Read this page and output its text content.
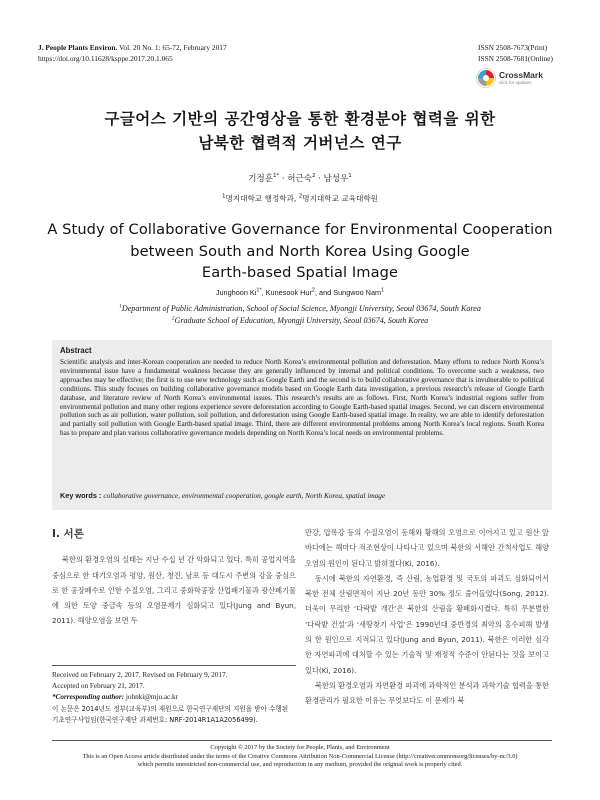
J. People Plants Environ. Vol. 20 No. 1: 65-72, February 2017
https://doi.org/10.11628/ksppe.2017.20.1.065
ISSN 2508-7673(Print)
ISSN 2508-7681(Online)
CrossMark
click for updates
구글어스 기반의 공간영상을 통한 환경분야 협력을 위한
남북한 협력적 거버넌스 연구
기정훈$^{1*}$ · 허근숙$^2$ · 남성우$^1$
$^1$명지대학교 행정학과, $^2$명지대학교 교육대학원
A Study of Collaborative Governance for Environmental Cooperation
between South and North Korea Using Google
Earth-based Spatial Image
Junghoon $Ki^{1*}$, Kunesook Hur$^2$, and Sungwoo Nam$^1$
$^1$Department of Public Administration, School of Social Science, Myongji University, Seoul 03674, South Korea
$^2$Graduate School of Education, Myongji University, Seoul 03674, South Korea
Abstract
Scientific analysis and inter-Korean cooperation are needed to reduce North Korea’s environmental pollution and deforestation. Many efforts to reduce North Korea’s environmental issue have a fundamental weakness because they are generally influenced by internal and political conditions. To overcome such a weakness, two approaches may be effective; the first is to use new technology such as Google Earth and the second is to build collaborative governance that is invulnerable to political conditions. This study focuses on building collaborative governance models based on Google Earth data investigation, a previous research’s release of Google Earth database, and literature review of North Korea’s environmental issues. This research’s results are as follows. First, North Korea’s industrial regions suffer from environmental pollution and many other regions experience severe deforestation according to Google Earth-based spatial images. Second, we can discern environmental pollution such as air pollution, water pollution, soil pollution, and deforestation using Google Earth-based spatial image. In reality, we are able to identify deforestation and partially soil pollution with Google Earth-based spatial image. Third, there are different environmental problems among North Korea’s local regions. South Korea has to prepare and plan various collaborative governance models depending on North Korea’s local needs on environmental problems.
Key words : collaborative governance, environmental cooperation, google earth, North Korea, spatial image
Ⅰ. 서론

북한의 환경오염의 실태는 지난 수십 년 간 악화되고 있다. 특히 공업지역을 중심으로 한 대기오염과 평양, 원산, 청진, 남포 등 대도시 주변의 강을 중심으로 한 공장폐수로 인한 수질오염, 그리고 중화학공장 산업폐기물과 광산폐기물에 의한 토양 중금속 등의 오염문제가 심화되고 있다(Jung and Byun, 2011). 해양오염을 보면 두

만강, 압록강 등의 수질오염이 동해와 황해의 오염으로 이어지고 있고 원산 앞바다에는 해마다 적조현상이 나타나고 있으며 북한의 서해안 간척사업도 해양오염의 원인이 된다고 밝혀졌다(Ki, 2016).

동시에 북한의 자연환경, 즉 산림, 농업환경 및 국토의 파괴도 심화되어서 북한 전체 산림면적이 지난 20년 동안 30% 정도 줄어들었다(Song, 2012). 더욱이 무리한 ‘다락밭 개간’은 북한의 산림을 황폐화시켰다. 특히 무분별한 ‘다락밭 건설’과 ‘새땅찾기 사업’은 1990년대 중반경의 최악의 홍수피해 발생의 한 원인으로 지적되고 있다(Jung and Byun, 2011). 북한은 이러한 심각한 자연파괴에 대처할 수 있는 기술적 및 재정적 수준이 안된다는 것을 보이고 있다(Ki, 2016).

북한의 환경오염과 자연환경 파괴에 과학적인 분석과 과학기술 협력을 통한 환경관리가 필요한 이유는 무엇보다도 이 문제가 북

Received on February 2, 2017. Revised on February 9, 2017.
Accepted on February 21, 2017.
*Corresponding author: johnki@mju.ac.kr
이 논문은 2014년도 정부(교육부)의 재원으로 한국연구재단의 지원을 받아 수행된 기초연구사업임(한국연구재단 과제번호: NRF-2014R1A1A2056499).
Copyright © 2017 by the Society for People, Plants, and Environment
This is an Open Access article distributed under the terms of the Creative Commons Attribution Non-Commercial License (http://creativecommonsorg/licenses/by-nc/3.0)
which permits unrestricted non-commercial use, and reproduction in any medium, provided the original work is properly cited.
